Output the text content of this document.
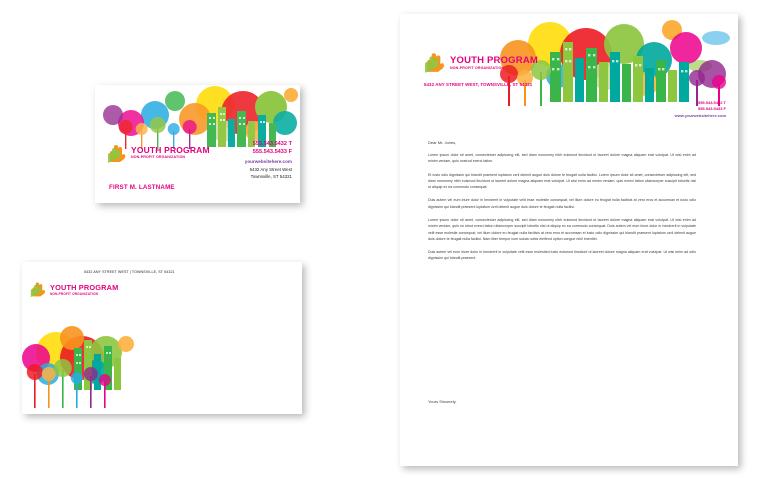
YOUTH PROGRAM
NON-PROFIT ORGANIZATION
555.543.5432 T
555.543.5433 F
yourwebsitehere.com
5432 Any Street West
Townsville, ST 54321
FIRST M. LASTNAME
YOUTH PROGRAM
NON-PROFIT ORGANIZATION
5432 ANY STREET WEST | TOWNSVILLE, ST 54321
YOUTH PROGRAM
NON-PROFIT ORGANIZATION
5432 ANY STREET WEST, TOWNSVILLE, ST 54321
555.543.5432 T
555.543.5433 F
www.yourwebsitehere.com
Dear Mr. Jones,

Lorem ipsum dolor sit amet, consectetuer adipiscing elit, sed diam nonummy nibh euismod tincidunt ut laoreet dolore magna aliquam erat volutpat. Ut wisi enim ad minim veniam, quis nostrud exerci tation.

Et iusto odio dignissim qui blandit praesent luptatum zzril delenit augue duis dolore te feugait nulla facilisi. Lorem ipsum dolor sit amet, consectetuer adipiscing elit, sed diam nonummy nibh euismod tincidunt ut laoreet dolore magna aliquam erat volutpat. Ut wisi enim ad minim veniam, quis exerci tation ullamcorper suscipit lobortis nisl ut aliquip ex ea commodo consequat.

Duis autem vel eum iriure dolor in hendrerit in vulputate velit esse molestie consequat, vel illum dolore eu feugiat nulla facilisis at vero eros et accumsan et iusto odio dignissim qui blandit praesent luptatum zzril delenit augue duis dolore te feugait nulla facilisi.

Lorem ipsum dolor sit amet, consectetuer adipiscing elit, sed diam nonummy nibh euismod tincidunt ut laoreet dolore magna aliquam erat volutpat. Ut wisi enim ad minim veniam, quis no strud exerci tation ullamcorper suscipit lobortis nisl ut aliquip ex ea commodo consequat. Duis autem vel eum iriure dolor in hendrerit in vulputate velit esse molestie consequat, vel illum dolore eu feugiat nulla facilisis at vero eros et accumsan et iusto odio dignissim qui blandit praesent luptatum zzril delenit augue duis dolore te feugait nulla facilisi. Nam liber tempor cum soluta nobis eleifend option congue nihil imerdiet.

Duis autem vel eum iriure dolor in hendrerit in vulputate velit esse molestied iusto euismod tincidunt ut laoreet dolore magna aliquam erat volutpat. Ut wisi enim ad odio dignissim qui blandit praesent

Yours Sincerely,
